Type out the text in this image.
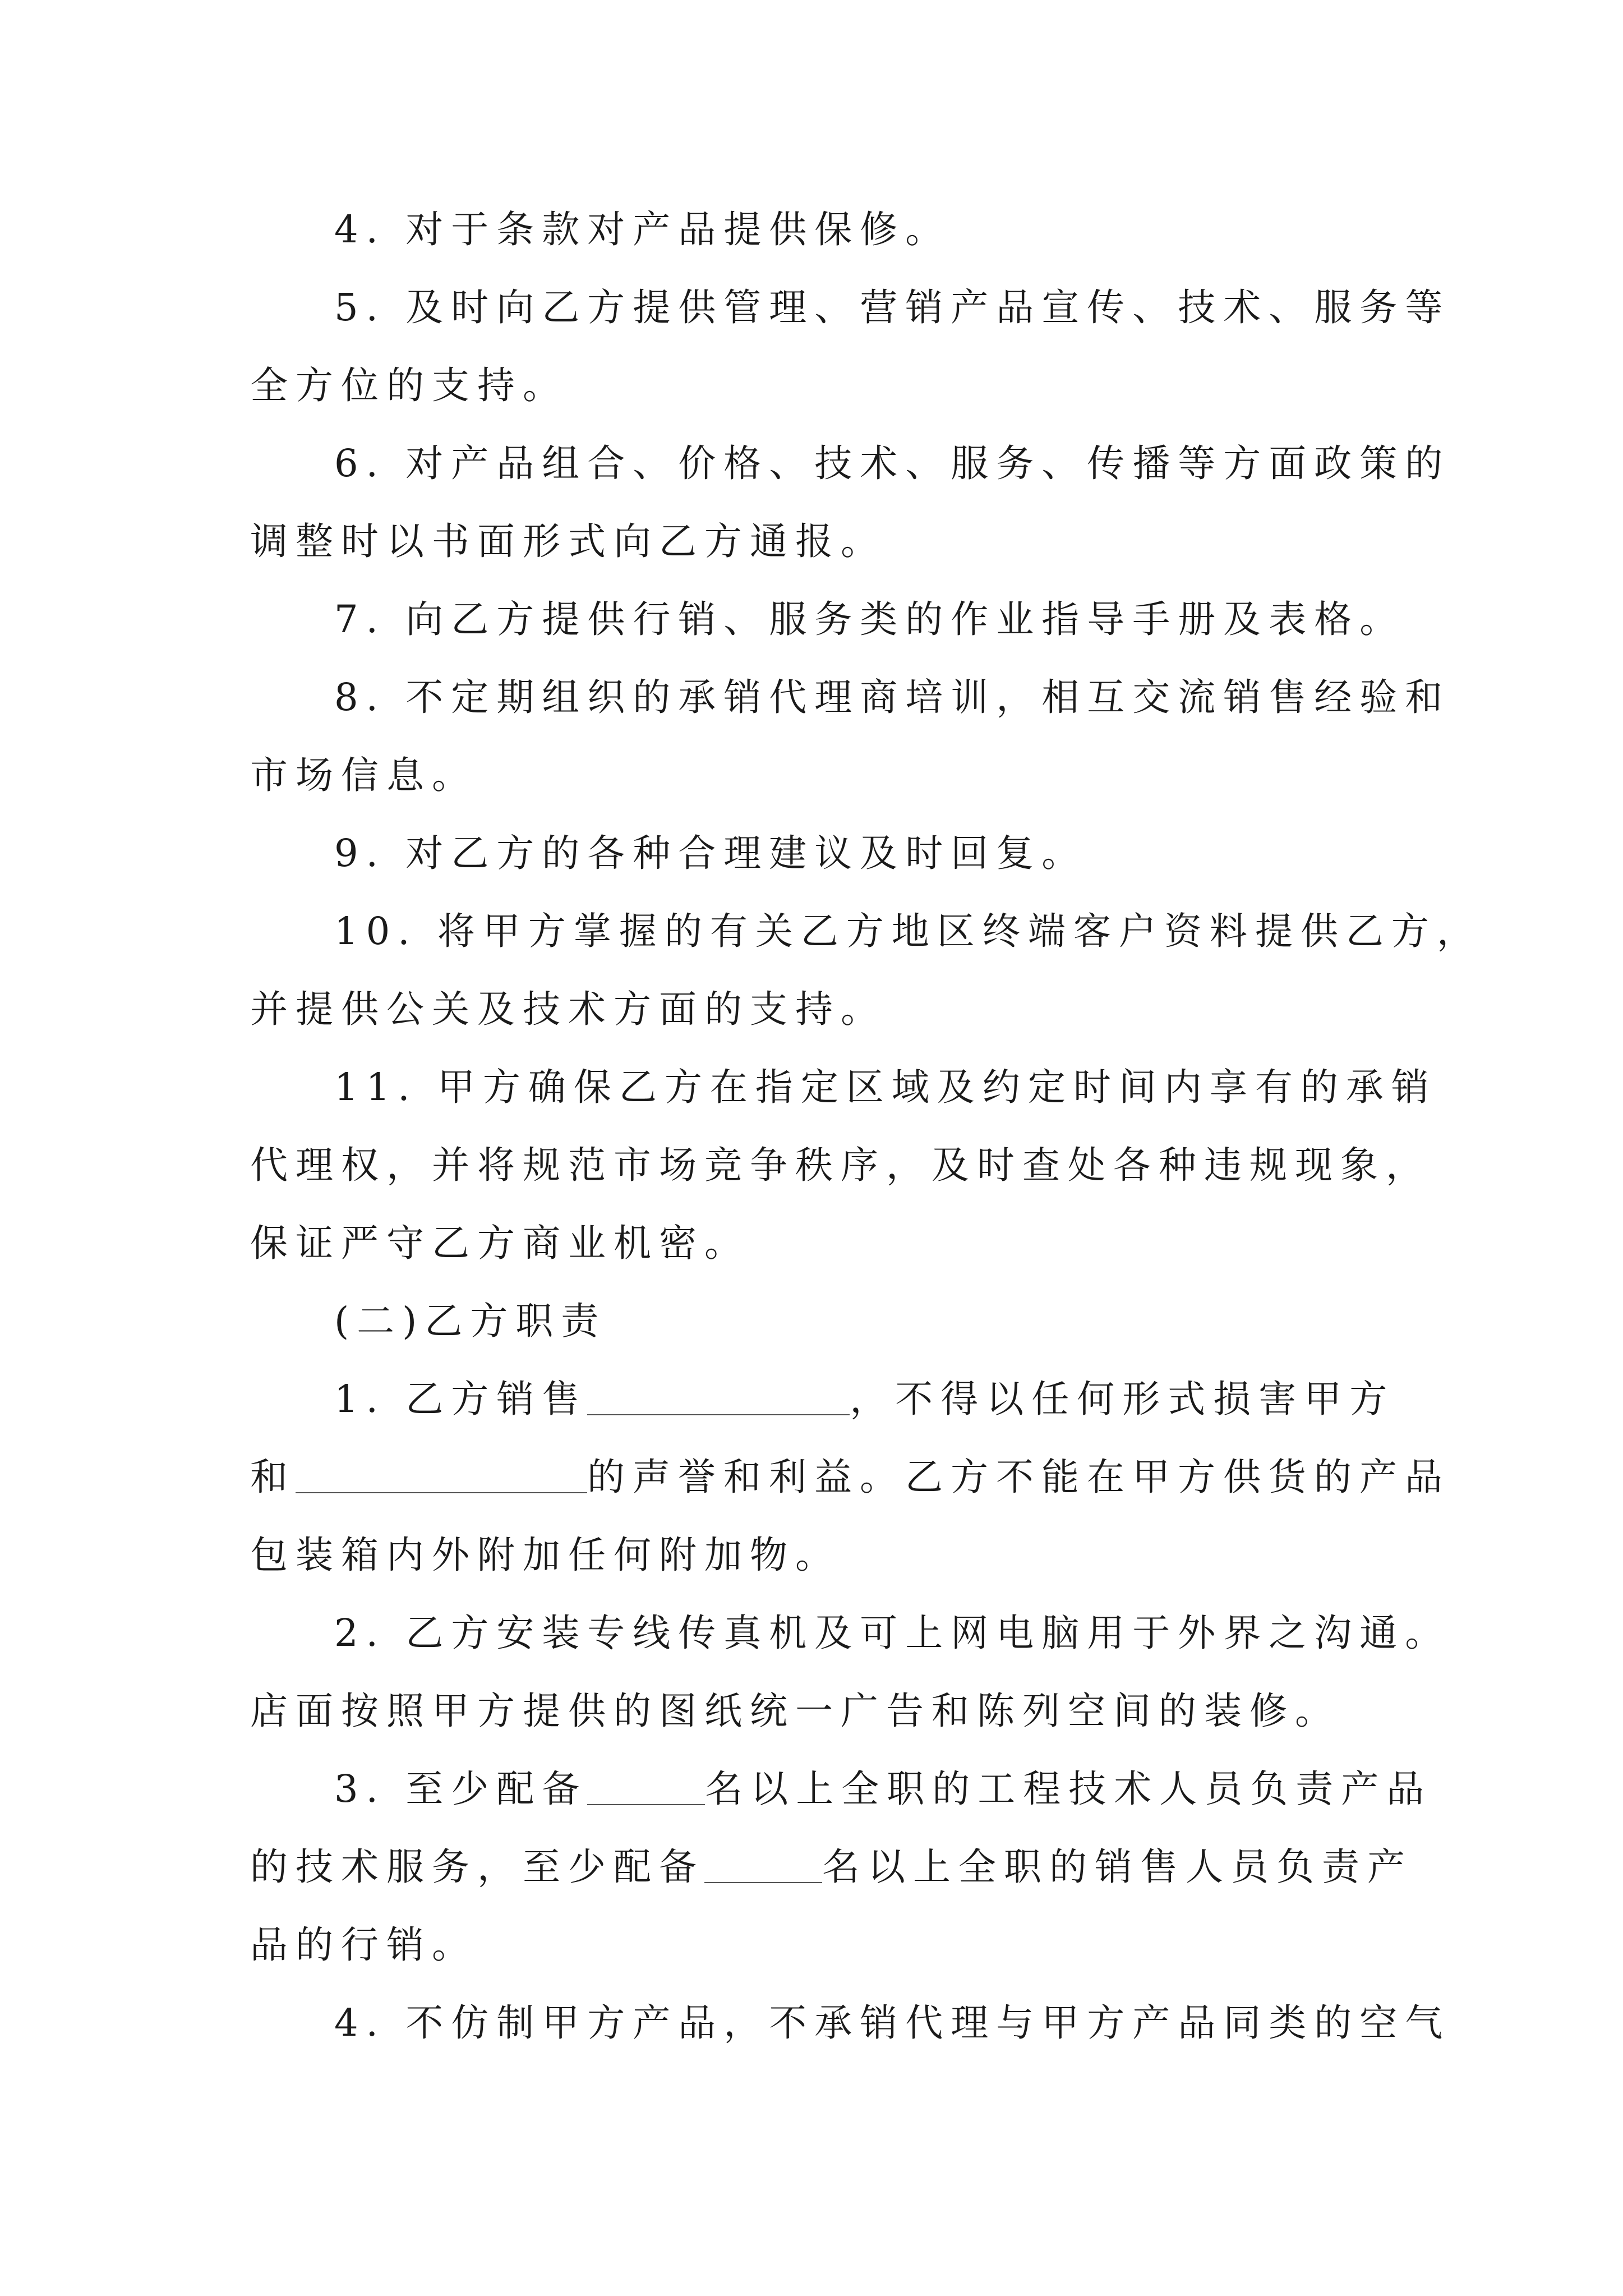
4. 对于条款对产品提供保修。
5. 及时向乙方提供管理、营销产品宣传、技术、服务等
全方位的支持。
6. 对产品组合、价格、技术、服务、传播等方面政策的
调整时以书面形式向乙方通报。
7. 向乙方提供行销、服务类的作业指导手册及表格。
8. 不定期组织的承销代理商培训，相互交流销售经验和
市场信息。
9. 对乙方的各种合理建议及时回复。
10. 将甲方掌握的有关乙方地区终端客户资料提供乙方，
并提供公关及技术方面的支持。
11. 甲方确保乙方在指定区域及约定时间内享有的承销
代理权，并将规范市场竞争秩序，及时查处各种违规现象，
保证严守乙方商业机密。
(二)乙方职责
1. 乙方销售	，不得以任何形式损害甲方
和	的声誉和利益。乙方不能在甲方供货的产品
包装箱内外附加任何附加物。
2. 乙方安装专线传真机及可上网电脑用于外界之沟通。
店面按照甲方提供的图纸统一广告和陈列空间的装修。
3. 至少配备	名以上全职的工程技术人员负责产品
的技术服务，至少配备	名以上全职的销售人员负责产
品的行销。
4. 不仿制甲方产品，不承销代理与甲方产品同类的空气
